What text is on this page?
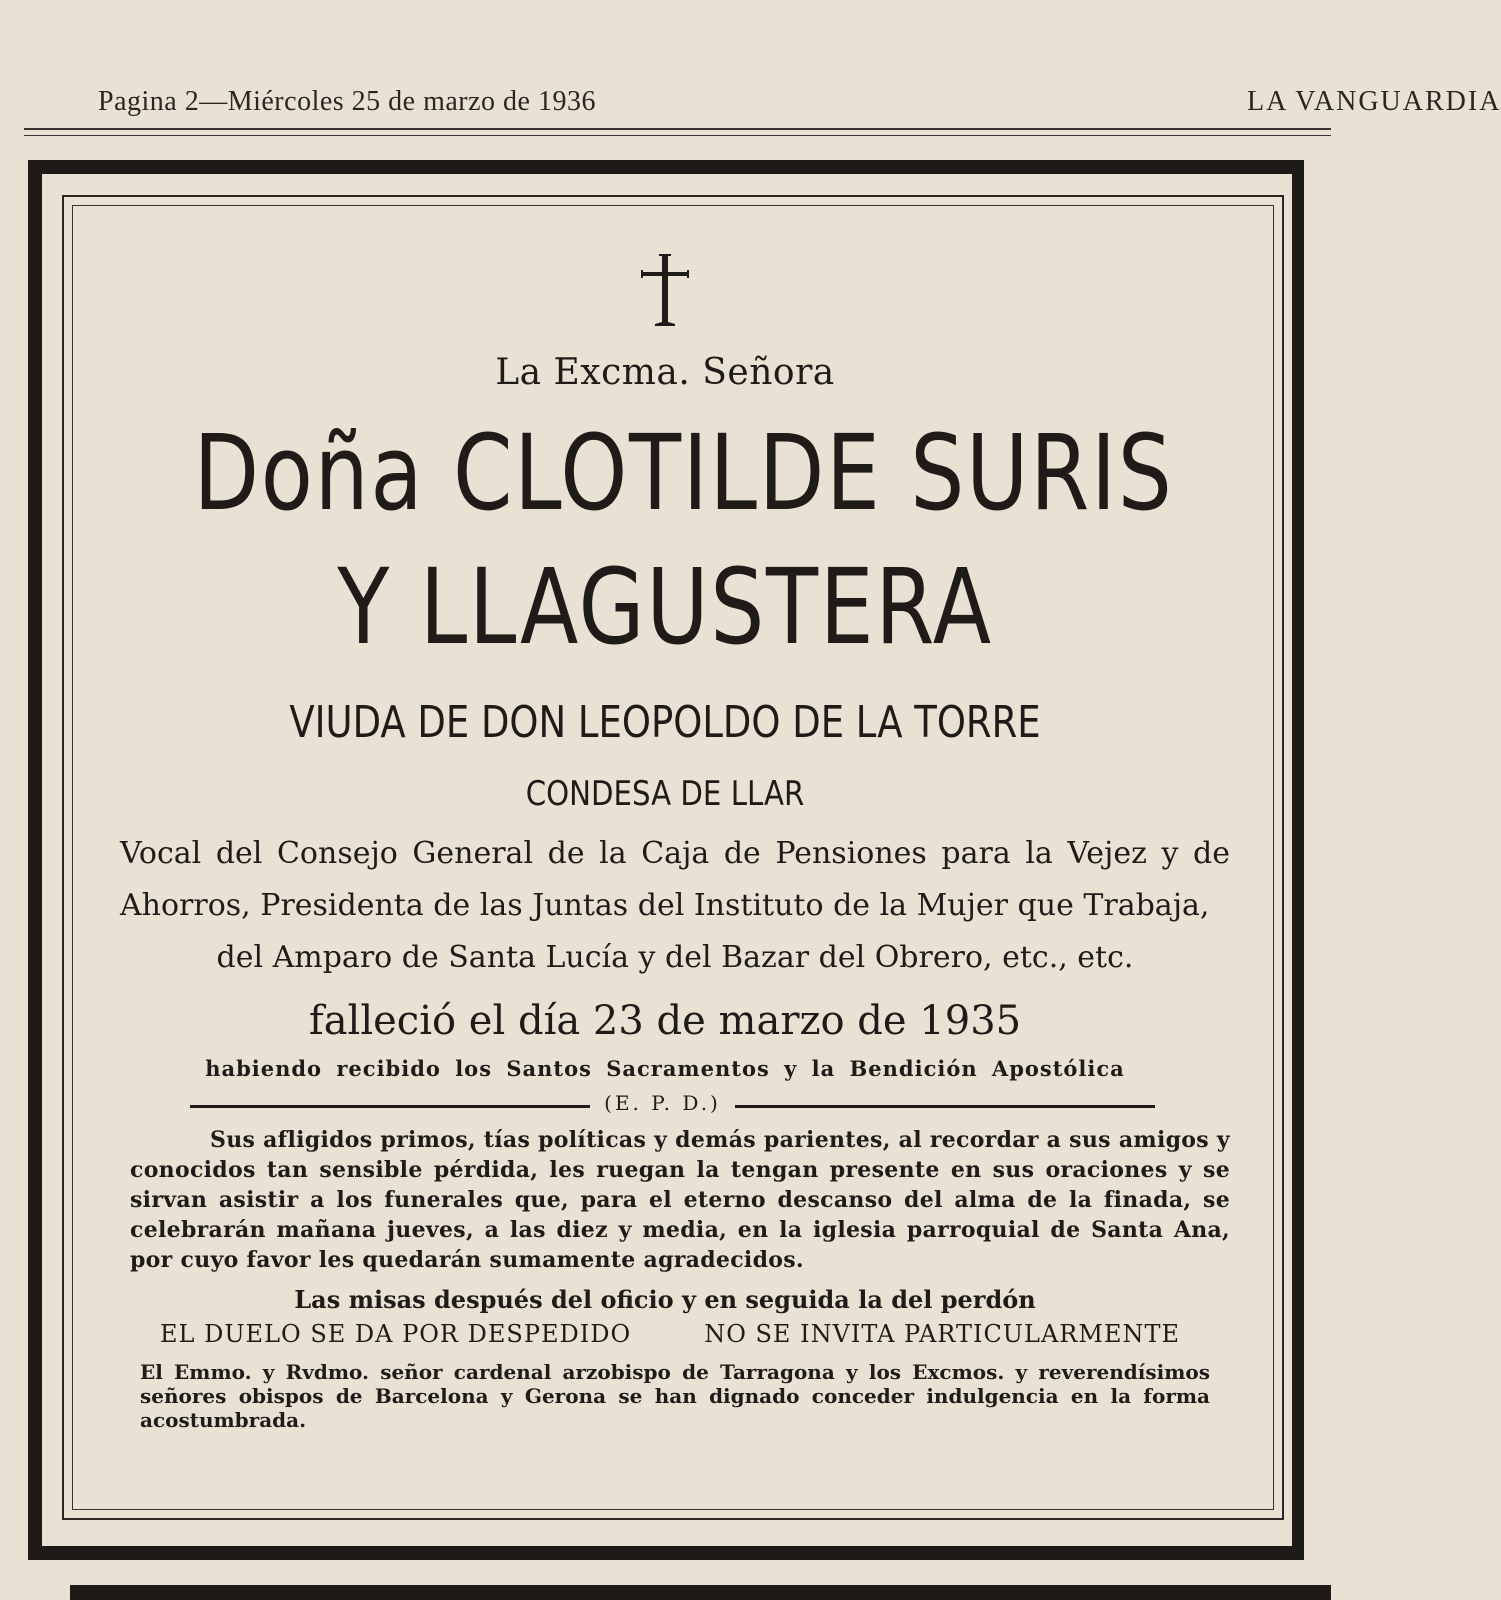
Pagina 2—Miércoles 25 de marzo de 1936	LA VANGUARDIA
La Excma. Señora
Doña CLOTILDE SURIS
Y LLAGUSTERA
VIUDA DE DON LEOPOLDO DE LA TORRE
CONDESA DE LLAR
Vocal del Consejo General de la Caja de Pensiones para la Vejez y de Ahorros, Presidenta de las Juntas del Instituto de la Mujer que Trabaja,
del Amparo de Santa Lucía y del Bazar del Obrero, etc., etc.
falleció el día 23 de marzo de 1935
habiendo recibido los Santos Sacramentos y la Bendición Apostólica
(E. P. D.)
Sus afligidos primos, tías políticas y demás parientes, al recordar a sus amigos y conocidos tan sensible pérdida, les ruegan la tengan presente en sus oraciones y se sirvan asistir a los funerales que, para el eterno descanso del alma de la finada, se celebrarán mañana jueves, a las diez y media, en la iglesia parroquial de Santa Ana, por cuyo favor les quedarán sumamente agradecidos.
Las misas después del oficio y en seguida la del perdón
EL DUELO SE DA POR DESPEDIDO	NO SE INVITA PARTICULARMENTE
El Emmo. y Rvdmo. señor cardenal arzobispo de Tarragona y los Excmos. y reverendísimos señores obispos de Barcelona y Gerona se han dignado conceder indulgencia en la forma acostumbrada.
